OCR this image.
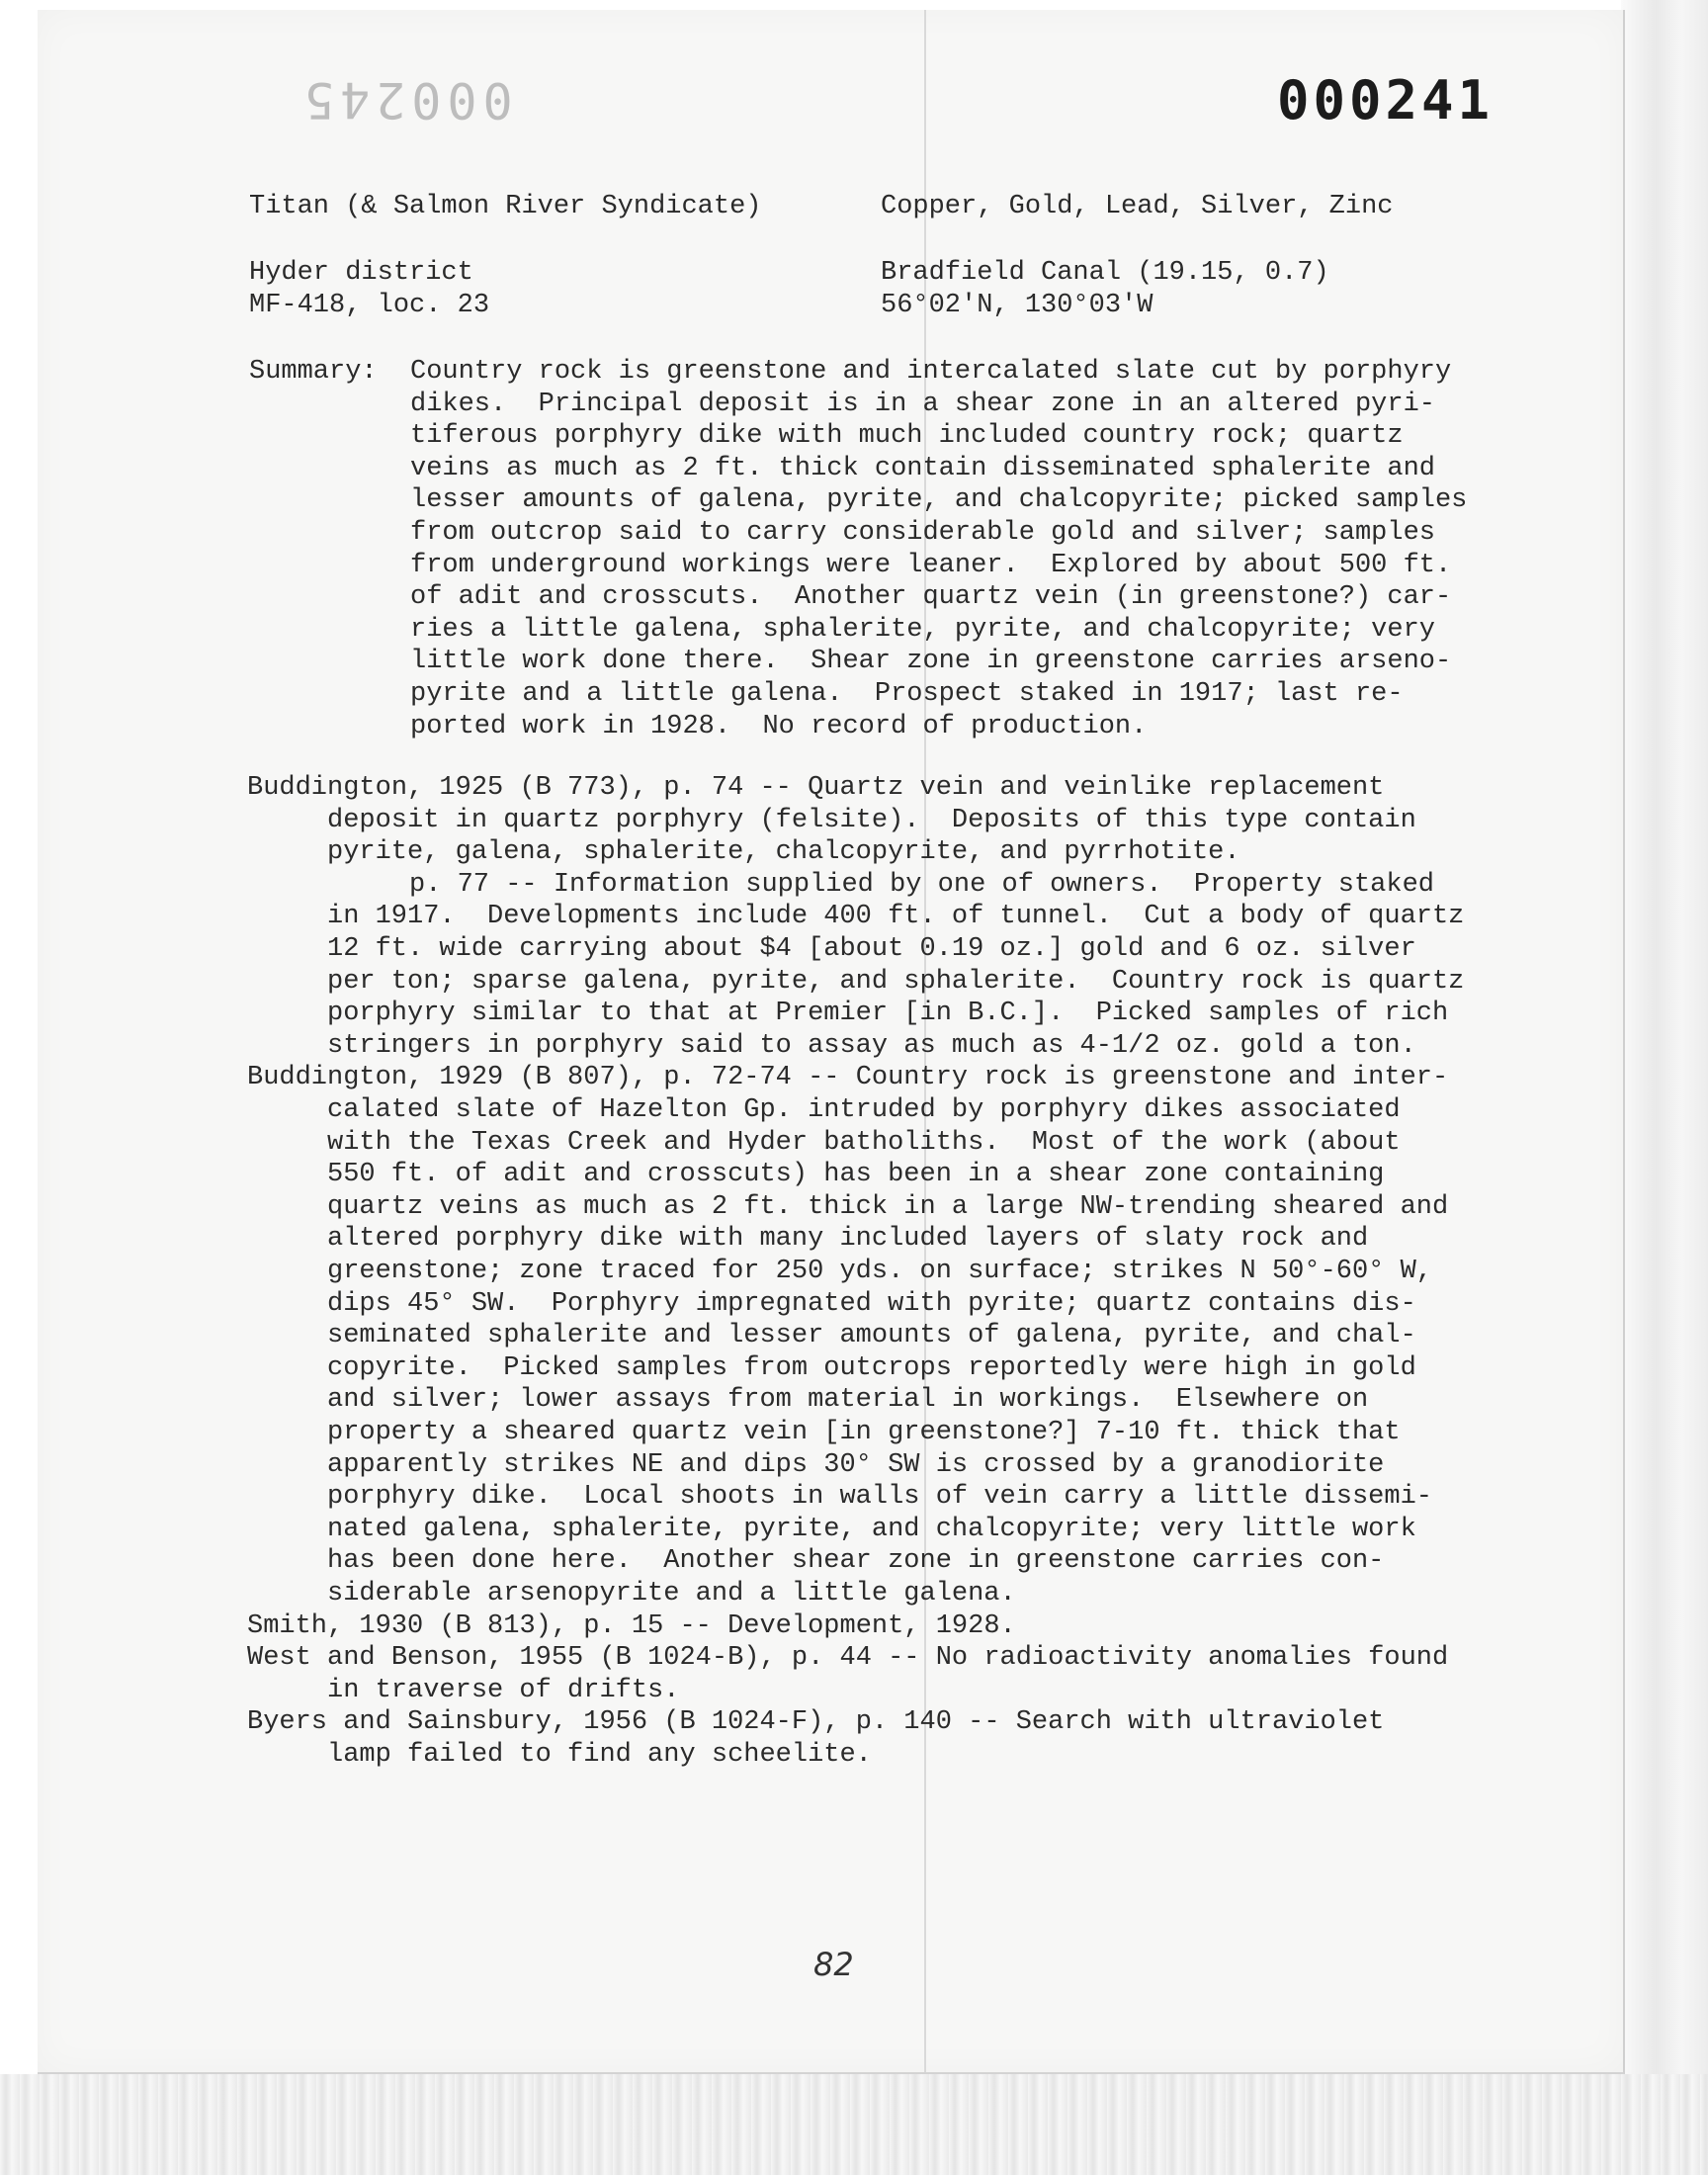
000245	000241
Titan (& Salmon River Syndicate)	Copper, Gold, Lead, Silver, Zinc
Hyder district	Bradfield Canal (19.15, 0.7)
MF-418, loc. 23	56°02'N, 130°03'W
Summary: Country rock is greenstone and intercalated slate cut by porphyry
dikes.  Principal deposit is in a shear zone in an altered pyri-
tiferous porphyry dike with much included country rock; quartz
veins as much as 2 ft. thick contain disseminated sphalerite and
lesser amounts of galena, pyrite, and chalcopyrite; picked samples
from outcrop said to carry considerable gold and silver; samples
from underground workings were leaner.  Explored by about 500 ft.
of adit and crosscuts.  Another quartz vein (in greenstone?) car-
ries a little galena, sphalerite, pyrite, and chalcopyrite; very
little work done there.  Shear zone in greenstone carries arseno-
pyrite and a little galena.  Prospect staked in 1917; last re-
ported work in 1928.  No record of production.
Buddington, 1925 (B 773), p. 74 -- Quartz vein and veinlike replacement
deposit in quartz porphyry (felsite).  Deposits of this type contain
pyrite, galena, sphalerite, chalcopyrite, and pyrrhotite.
p. 77 -- Information supplied by one of owners.  Property staked
in 1917.  Developments include 400 ft. of tunnel.  Cut a body of quartz
12 ft. wide carrying about $4 [about 0.19 oz.] gold and 6 oz. silver
per ton; sparse galena, pyrite, and sphalerite.  Country rock is quartz
porphyry similar to that at Premier [in B.C.].  Picked samples of rich
stringers in porphyry said to assay as much as 4-1/2 oz. gold a ton.
Buddington, 1929 (B 807), p. 72-74 -- Country rock is greenstone and inter-
calated slate of Hazelton Gp. intruded by porphyry dikes associated
with the Texas Creek and Hyder batholiths.  Most of the work (about
550 ft. of adit and crosscuts) has been in a shear zone containing
quartz veins as much as 2 ft. thick in a large NW-trending sheared and
altered porphyry dike with many included layers of slaty rock and
greenstone; zone traced for 250 yds. on surface; strikes N 50°-60° W,
dips 45° SW.  Porphyry impregnated with pyrite; quartz contains dis-
seminated sphalerite and lesser amounts of galena, pyrite, and chal-
copyrite.  Picked samples from outcrops reportedly were high in gold
and silver; lower assays from material in workings.  Elsewhere on
property a sheared quartz vein [in greenstone?] 7-10 ft. thick that
apparently strikes NE and dips 30° SW is crossed by a granodiorite
porphyry dike.  Local shoots in walls of vein carry a little dissemi-
nated galena, sphalerite, pyrite, and chalcopyrite; very little work
has been done here.  Another shear zone in greenstone carries con-
siderable arsenopyrite and a little galena.
Smith, 1930 (B 813), p. 15 -- Development, 1928.
West and Benson, 1955 (B 1024-B), p. 44 -- No radioactivity anomalies found
in traverse of drifts.
Byers and Sainsbury, 1956 (B 1024-F), p. 140 -- Search with ultraviolet
lamp failed to find any scheelite.
82
